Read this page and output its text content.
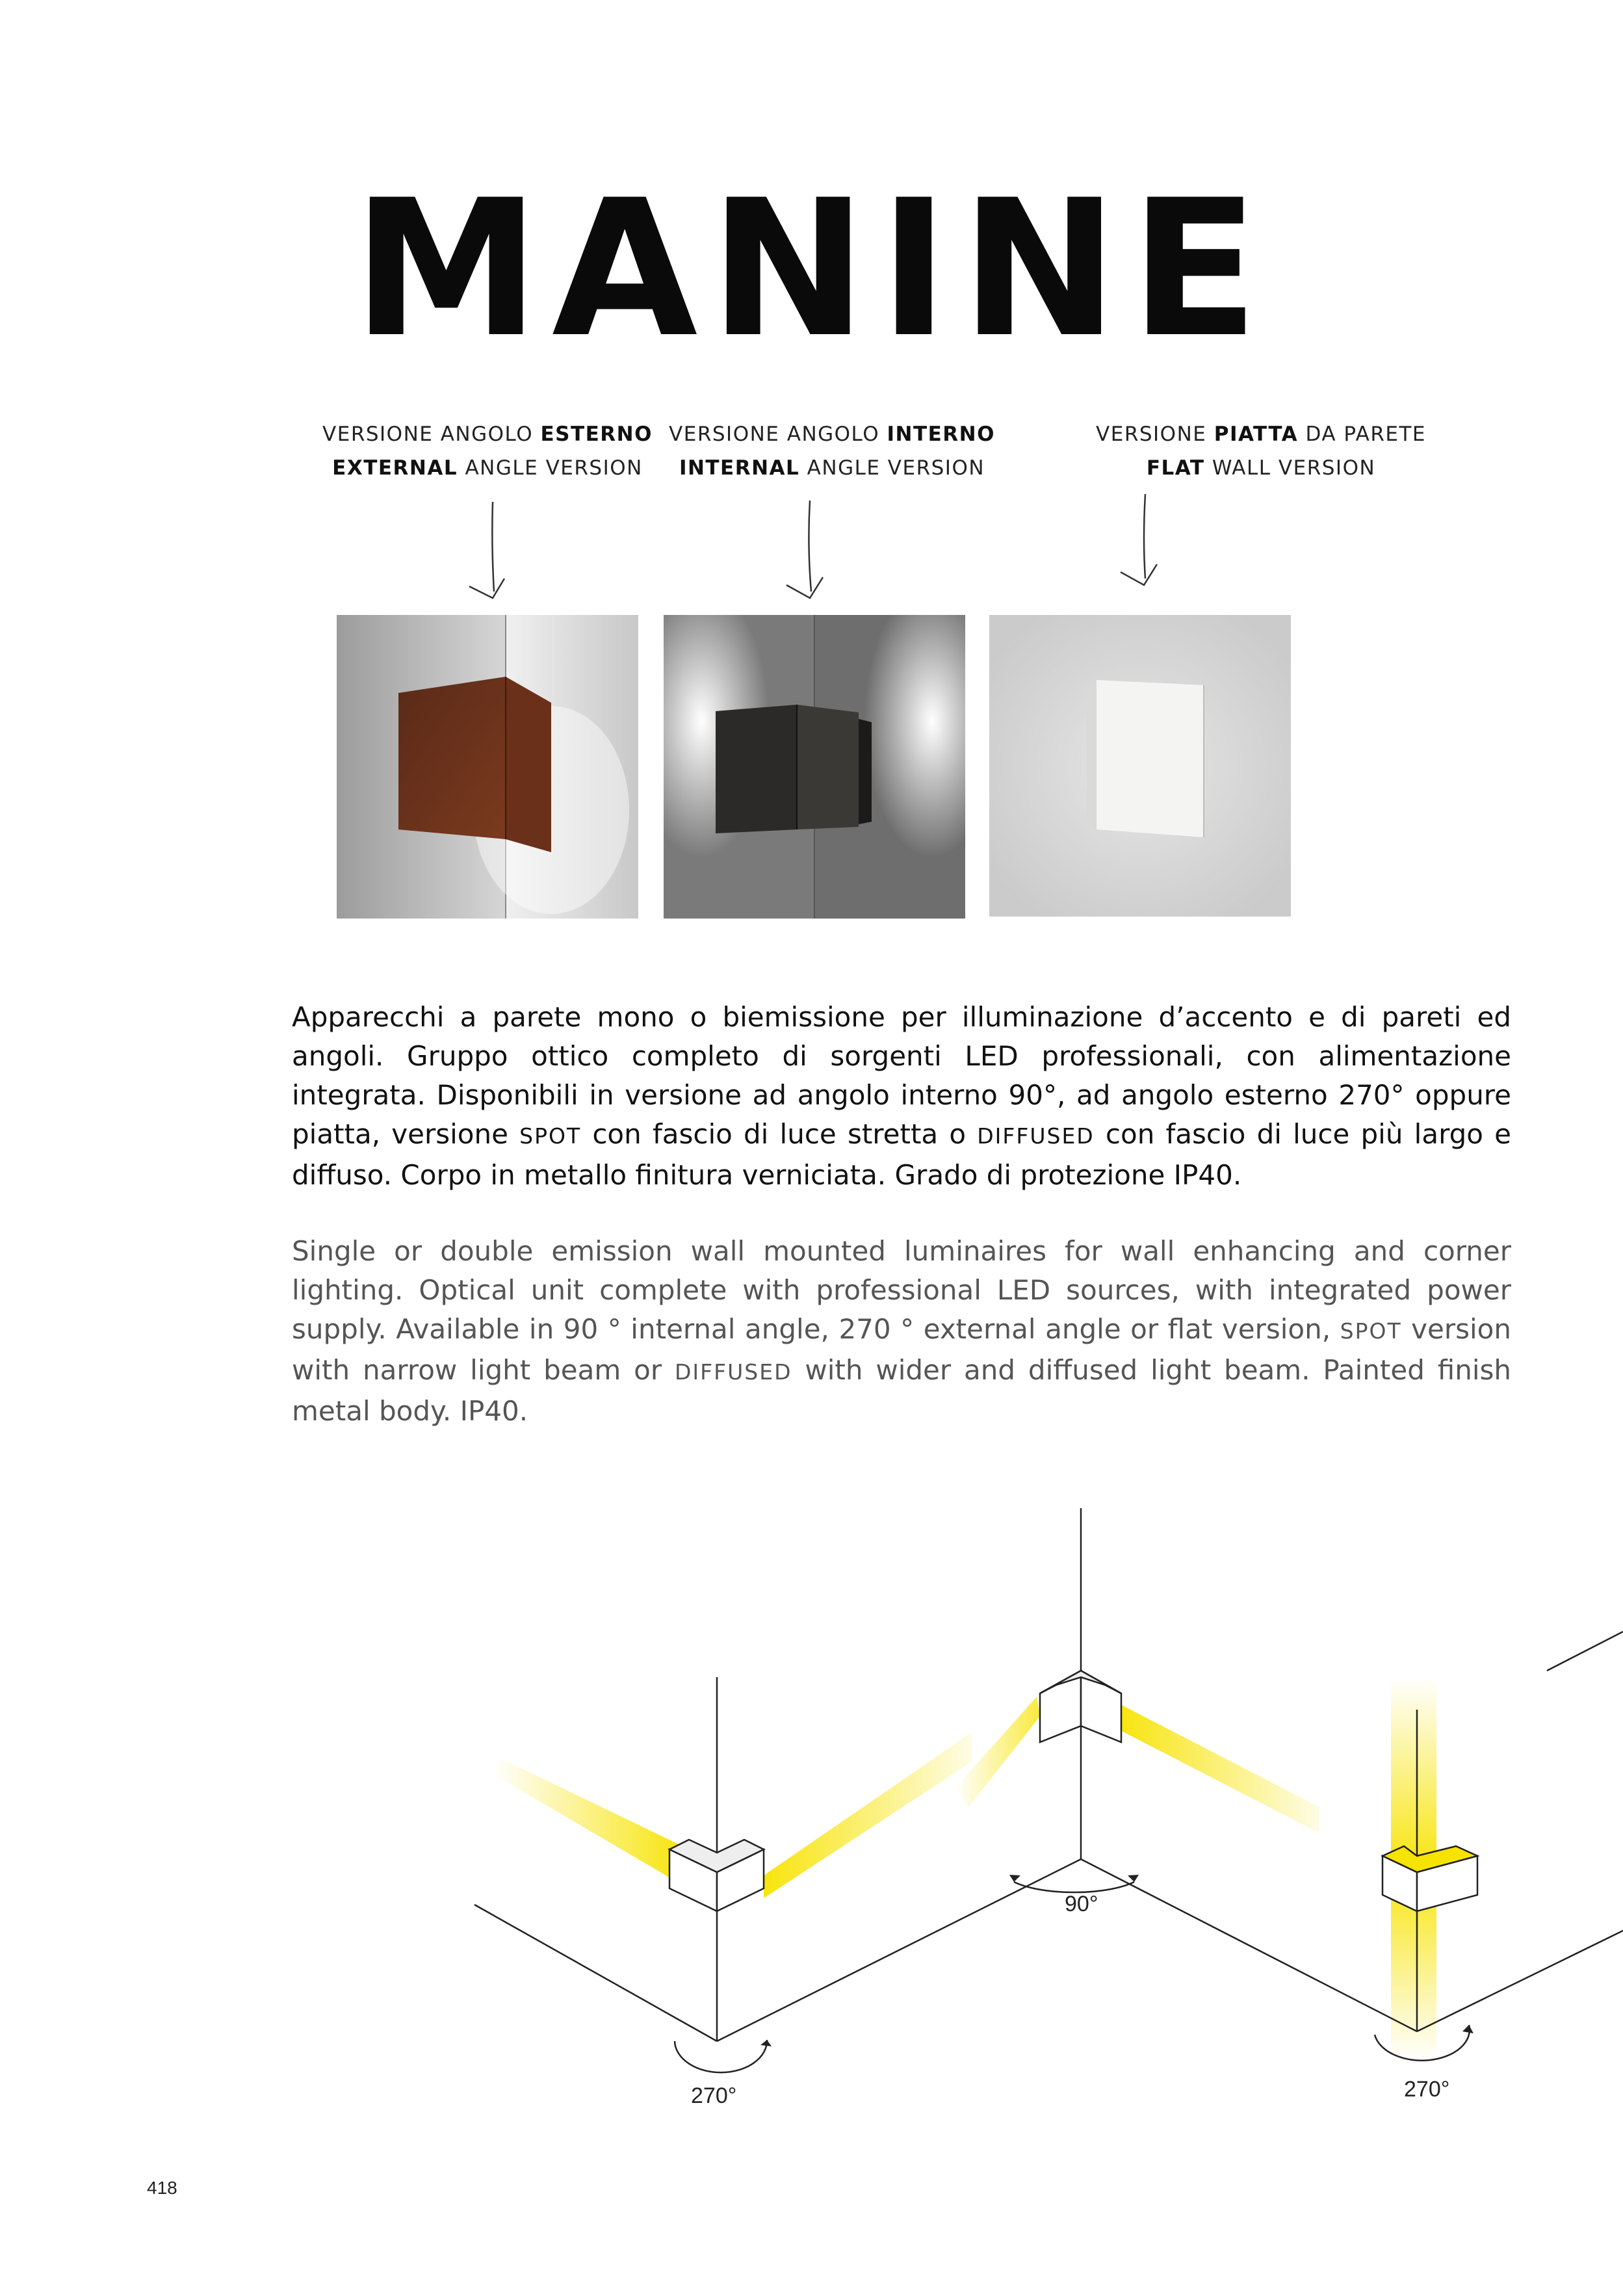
MANINE
VERSIONE ANGOLO ESTERNO
EXTERNAL ANGLE VERSION
VERSIONE ANGOLO INTERNO
INTERNAL ANGLE VERSION
VERSIONE PIATTA DA PARETE
FLAT WALL VERSION
Apparecchi a parete mono o biemissione per illuminazione d’accento e di pareti ed angoli. Gruppo ottico completo di sorgenti LED professionali, con alimentazione integrata. Disponibili in versione ad angolo interno 90°, ad angolo esterno 270° oppure piatta, versione SPOT con fascio di luce stretta o DIFFUSED con fascio di luce più largo e diffuso. Corpo in metallo finitura verniciata. Grado di protezione IP40.
Single or double emission wall mounted luminaires for wall enhancing and corner lighting. Optical unit complete with professional LED sources, with integrated power supply. Available in 90 ° internal angle, 270 ° external angle or flat version, SPOT version with narrow light beam or DIFFUSED with wider and diffused light beam. Painted finish metal body. IP40.
270°
90°
270°
418
